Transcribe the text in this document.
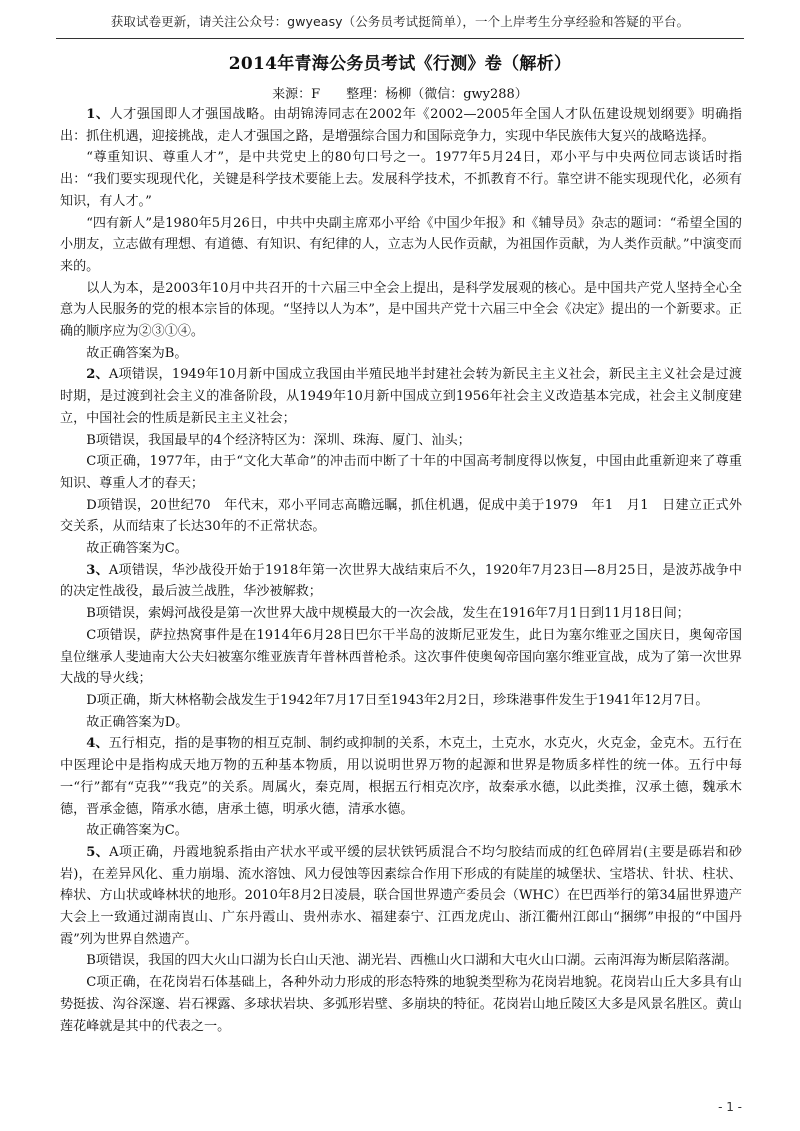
获取试卷更新，请关注公众号：gwyeasy（公务员考试挺简单），一个上岸考生分享经验和答疑的平台。
2014年青海公务员考试《行测》卷（解析）
来源：F　　整理：杨柳（微信：gwy288）

1、人才强国即人才强国战略。由胡锦涛同志在2002年《2002—2005年全国人才队伍建设规划纲要》明确指出：抓住机遇，迎接挑战，走人才强国之路，是增强综合国力和国际竞争力，实现中华民族伟大复兴的战略选择。

“尊重知识、尊重人才”，是中共党史上的80句口号之一。1977年5月24日，邓小平与中央两位同志谈话时指出：“我们要实现现代化，关键是科学技术要能上去。发展科学技术，不抓教育不行。靠空讲不能实现现代化，必须有知识，有人才。”

“四有新人”是1980年5月26日，中共中央副主席邓小平给《中国少年报》和《辅导员》杂志的题词：“希望全国的小朋友，立志做有理想、有道德、有知识、有纪律的人，立志为人民作贡献，为祖国作贡献，为人类作贡献。”中演变而来的。

以人为本，是2003年10月中共召开的十六届三中全会上提出，是科学发展观的核心。是中国共产党人坚持全心全意为人民服务的党的根本宗旨的体现。“坚持以人为本”，是中国共产党十六届三中全会《决定》提出的一个新要求。正确的顺序应为②③①④。

故正确答案为B。

2、A项错误，1949年10月新中国成立我国由半殖民地半封建社会转为新民主主义社会，新民主主义社会是过渡时期，是过渡到社会主义的准备阶段，从1949年10月新中国成立到1956年社会主义改造基本完成，社会主义制度建立，中国社会的性质是新民主主义社会；

B项错误，我国最早的4个经济特区为：深圳、珠海、厦门、汕头；

C项正确，1977年，由于“文化大革命”的冲击而中断了十年的中国高考制度得以恢复，中国由此重新迎来了尊重知识、尊重人才的春天；

D项错误，20世纪70　年代末，邓小平同志高瞻远瞩，抓住机遇，促成中美于1979　年1　月1　日建立正式外交关系，从而结束了长达30年的不正常状态。

故正确答案为C。

3、A项错误，华沙战役开始于1918年第一次世界大战结束后不久，1920年7月23日—8月25日，是波苏战争中的决定性战役，最后波兰战胜，华沙被解救；

B项错误，索姆河战役是第一次世界大战中规模最大的一次会战，发生在1916年7月1日到11月18日间；

C项错误，萨拉热窝事件是在1914年6月28日巴尔干半岛的波斯尼亚发生，此日为塞尔维亚之国庆日，奥匈帝国皇位继承人斐迪南大公夫妇被塞尔维亚族青年普林西普枪杀。这次事件使奥匈帝国向塞尔维亚宣战，成为了第一次世界大战的导火线；

D项正确，斯大林格勒会战发生于1942年7月17日至1943年2月2日，珍珠港事件发生于1941年12月7日。

故正确答案为D。

4、五行相克，指的是事物的相互克制、制约或抑制的关系，木克土，土克水，水克火，火克金，金克木。五行在中医理论中是指构成天地万物的五种基本物质，用以说明世界万物的起源和世界是物质多样性的统一体。五行中每一“行”都有“克我”“我克”的关系。周属火，秦克周，根据五行相克次序，故秦承水德，以此类推，汉承土德，魏承木德，晋承金德，隋承水德，唐承土德，明承火德，清承水德。

故正确答案为C。

5、A项正确，丹霞地貌系指由产状水平或平缓的层状铁钙质混合不均匀胶结而成的红色碎屑岩(主要是砾岩和砂岩)，在差异风化、重力崩塌、流水溶蚀、风力侵蚀等因素综合作用下形成的有陡崖的城堡状、宝塔状、针状、柱状、棒状、方山状或峰林状的地形。2010年8月2日凌晨，联合国世界遗产委员会（WHC）在巴西举行的第34届世界遗产大会上一致通过湖南崀山、广东丹霞山、贵州赤水、福建泰宁、江西龙虎山、浙江衢州江郎山“捆绑”申报的“中国丹霞”列为世界自然遗产。

B项错误，我国的四大火山口湖为长白山天池、湖光岩、西樵山火口湖和大屯火山口湖。云南洱海为断层陷落湖。

C项正确，在花岗岩石体基础上，各种外动力形成的形态特殊的地貌类型称为花岗岩地貌。花岗岩山丘大多具有山势挺拔、沟谷深邃、岩石裸露、多球状岩块、多弧形岩壁、多崩块的特征。花岗岩山地丘陵区大多是风景名胜区。黄山莲花峰就是其中的代表之一。

- 1 -
